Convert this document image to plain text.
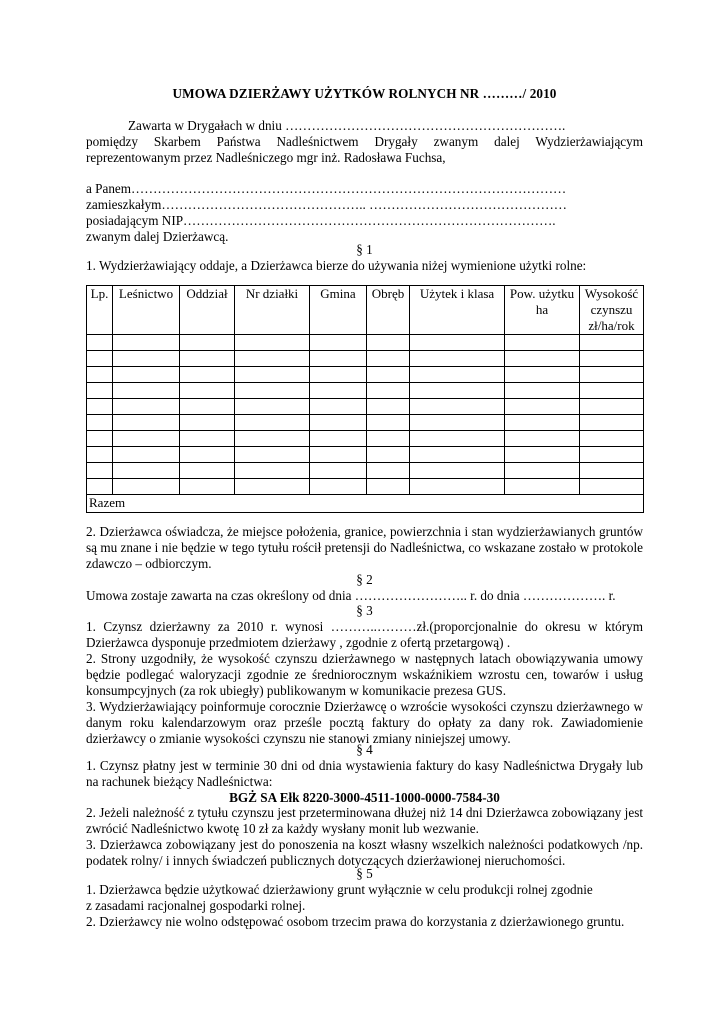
UMOWA DZIERŻAWY UŻYTKÓW ROLNYCH NR ………/ 2010
Zawarta w Drygałach w dniu ……………………………………………………….
pomiędzy Skarbem Państwa Nadleśnictwem Drygały zwanym dalej Wydzierżawiającym
reprezentowanym przez Nadleśniczego mgr inż. Radosława Fuchsa,
a Panem………………………………………………………………………………………
zamieszkałym……………………………………….. ………………………………………
posiadającym NIP………………………………………………………………………….
zwanym dalej Dzierżawcą.
§ 1
1. Wydzierżawiający oddaje, a Dzierżawca bierze do używania niżej wymienione użytki rolne:
Lp.	Leśnictwo	Oddział	Nr działki	Gmina	Obręb	Użytek i klasa	Pow. użytku ha	Wysokość czynszu zł/ha/rok

Razem								
2. Dzierżawca oświadcza, że miejsce położenia, granice, powierzchnia i stan wydzierżawianych gruntów są mu znane i nie będzie w tego tytułu rościł pretensji do Nadleśnictwa, co wskazane zostało w protokole zdawczo – odbiorczym.
§ 2
Umowa zostaje zawarta na czas określony od dnia …………………….. r. do dnia ………………. r.
§ 3
1. Czynsz dzierżawny za 2010 r. wynosi ………..………zł.(proporcjonalnie do okresu w którym Dzierżawca dysponuje przedmiotem dzierżawy , zgodnie z ofertą przetargową) .
2. Strony uzgodniły, że wysokość czynszu dzierżawnego w następnych latach obowiązywania umowy będzie podlegać waloryzacji zgodnie ze średniorocznym wskaźnikiem wzrostu cen, towarów i usług konsumpcyjnych (za rok ubiegły) publikowanym w komunikacie prezesa GUS.
3. Wydzierżawiający poinformuje corocznie Dzierżawcę o wzroście wysokości czynszu dzierżawnego w danym roku kalendarzowym oraz prześle pocztą faktury do opłaty za dany rok. Zawiadomienie dzierżawcy o zmianie wysokości czynszu nie stanowi zmiany niniejszej umowy.
§ 4
1. Czynsz płatny jest w terminie 30 dni od dnia wystawienia faktury do kasy Nadleśnictwa Drygały lub na rachunek bieżący Nadleśnictwa:
BGŻ SA Ełk 8220-3000-4511-1000-0000-7584-30
2. Jeżeli należność z tytułu czynszu jest przeterminowana dłużej niż 14 dni Dzierżawca zobowiązany jest zwrócić Nadleśnictwo kwotę 10 zł za każdy wysłany monit lub wezwanie.
3. Dzierżawca zobowiązany jest do ponoszenia na koszt własny wszelkich należności podatkowych /np. podatek rolny/ i innych świadczeń publicznych dotyczących dzierżawionej nieruchomości.
§ 5
1. Dzierżawca będzie użytkować dzierżawiony grunt wyłącznie w celu produkcji rolnej zgodnie
z zasadami racjonalnej gospodarki rolnej.
2. Dzierżawcy nie wolno odstępować osobom trzecim prawa do korzystania z dzierżawionego gruntu.
